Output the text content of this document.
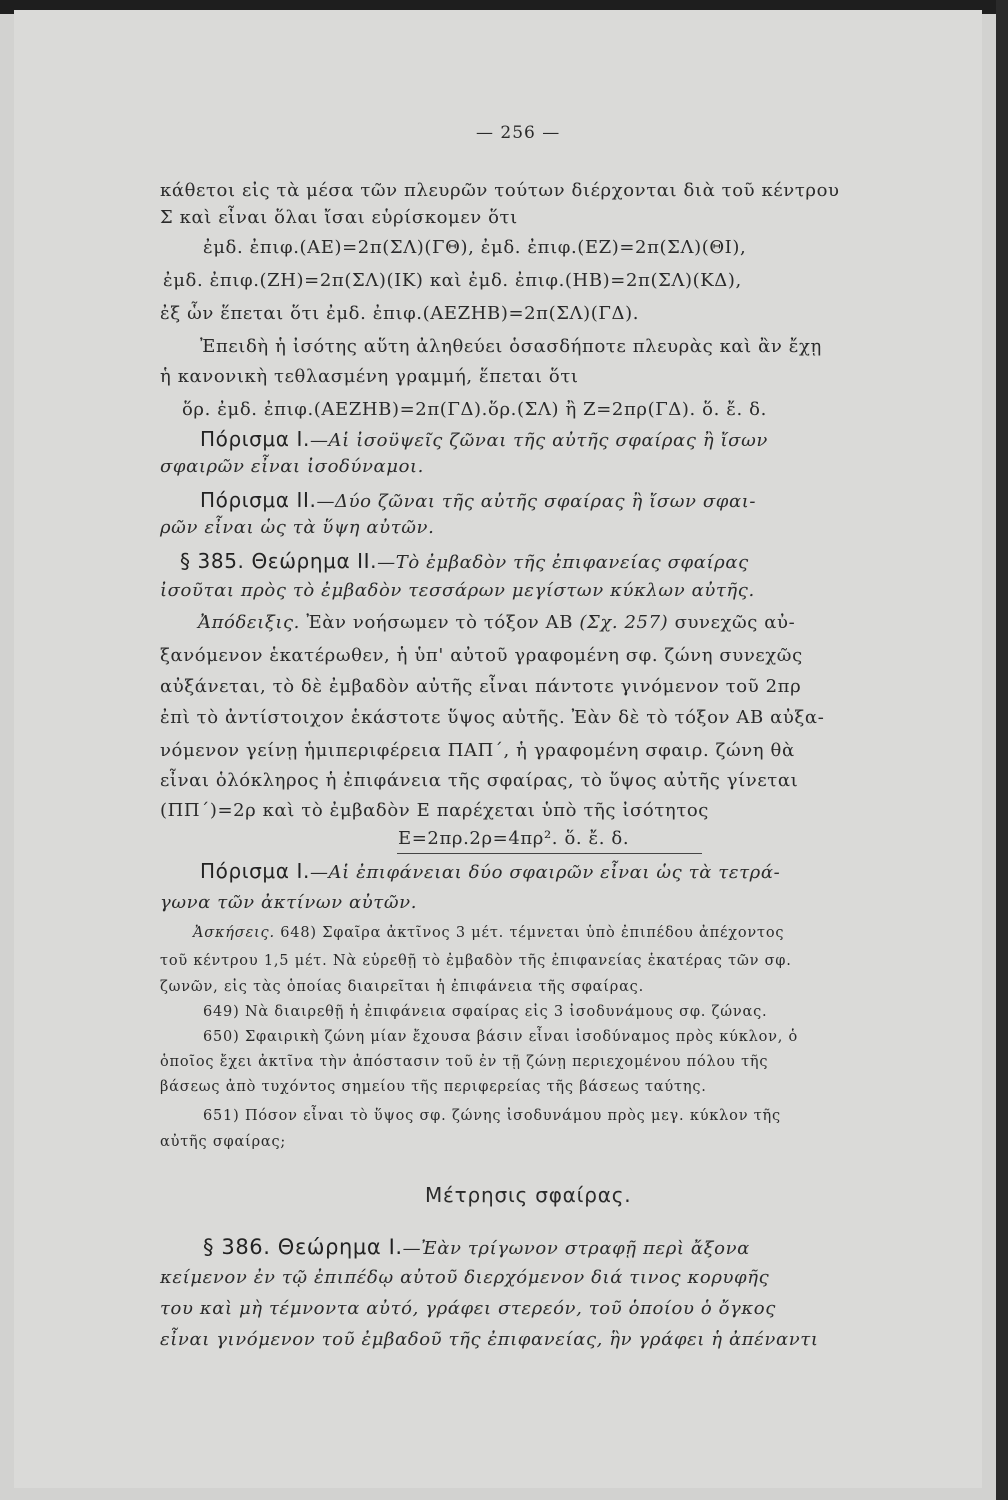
— 256 —
Μέτρησις σφαίρας.
κάθετοι εἰς τὰ μέσα τῶν πλευρῶν τούτων διέρχονται διὰ τοῦ κέντρου
Σ καὶ εἶναι ὅλαι ἴσαι εὑρίσκομεν ὅτι
ἐμδ. ἐπιφ.(ΑΕ)=2π(ΣΛ)(ΓΘ), ἐμδ. ἐπιφ.(ΕΖ)=2π(ΣΛ)(ΘΙ),
ἐμδ. ἐπιφ.(ΖΗ)=2π(ΣΛ)(ΙΚ) καὶ ἐμδ. ἐπιφ.(ΗΒ)=2π(ΣΛ)(ΚΔ),
ἐξ ὧν ἕπεται ὅτι ἐμδ. ἐπιφ.(ΑΕΖΗΒ)=2π(ΣΛ)(ΓΔ).
Ἐπειδὴ ἡ ἰσότης αὕτη ἀληθεύει ὁσασδήποτε πλευρὰς καὶ ἂν ἔχῃ
ἡ κανονικὴ τεθλασμένη γραμμή, ἕπεται ὅτι
ὅρ. ἐμδ. ἐπιφ.(ΑΕΖΗΒ)=2π(ΓΔ).ὅρ.(ΣΛ) ἢ Ζ=2πρ(ΓΔ). ὅ. ἔ. δ.
Πόρισμα Ι.—Αἱ ἰσοϋψεῖς ζῶναι τῆς αὐτῆς σφαίρας ἢ ἴσων
σφαιρῶν εἶναι ἰσοδύναμοι.
Πόρισμα ΙΙ.—Δύο ζῶναι τῆς αὐτῆς σφαίρας ἢ ἴσων σφαι-
ρῶν εἶναι ὡς τὰ ὕψη αὐτῶν.
§ 385. Θεώρημα ΙΙ.—Τὸ ἐμβαδὸν τῆς ἐπιφανείας σφαίρας
ἰσοῦται πρὸς τὸ ἐμβαδὸν τεσσάρων μεγίστων κύκλων αὐτῆς.
Ἀπόδειξις. Ἐὰν νοήσωμεν τὸ τόξον ΑΒ (Σχ. 257) συνεχῶς αὐ-
ξανόμενον ἑκατέρωθεν, ἡ ὑπ' αὐτοῦ γραφομένη σφ. ζώνη συνεχῶς
αὐξάνεται, τὸ δὲ ἐμβαδὸν αὐτῆς εἶναι πάντοτε γινόμενον τοῦ 2πρ
ἐπὶ τὸ ἀντίστοιχον ἑκάστοτε ὕψος αὐτῆς. Ἐὰν δὲ τὸ τόξον ΑΒ αὐξα-
νόμενον γείνῃ ἡμιπεριφέρεια ΠΑΠ΄, ἡ γραφομένη σφαιρ. ζώνη θὰ
εἶναι ὁλόκληρος ἡ ἐπιφάνεια τῆς σφαίρας, τὸ ὕψος αὐτῆς γίνεται
(ΠΠ΄)=2ρ καὶ τὸ ἐμβαδὸν Ε παρέχεται ὑπὸ τῆς ἰσότητος
Ε=2πρ.2ρ=4πρ². ὅ. ἔ. δ.
Πόρισμα Ι.—Αἱ ἐπιφάνειαι δύο σφαιρῶν εἶναι ὡς τὰ τετρά-
γωνα τῶν ἀκτίνων αὐτῶν.
Ἀσκήσεις. 648) Σφαῖρα ἀκτῖνος 3 μέτ. τέμνεται ὑπὸ ἐπιπέδου ἀπέχοντος
τοῦ κέντρου 1,5 μέτ. Νὰ εὑρεθῇ τὸ ἐμβαδὸν τῆς ἐπιφανείας ἑκατέρας τῶν σφ.
ζωνῶν, εἰς τὰς ὁποίας διαιρεῖται ἡ ἐπιφάνεια τῆς σφαίρας.
649) Νὰ διαιρεθῇ ἡ ἐπιφάνεια σφαίρας εἰς 3 ἰσοδυνάμους σφ. ζώνας.
650) Σφαιρικὴ ζώνη μίαν ἔχουσα βάσιν εἶναι ἰσοδύναμος πρὸς κύκλον, ὁ
ὁποῖος ἔχει ἀκτῖνα τὴν ἀπόστασιν τοῦ ἐν τῇ ζώνῃ περιεχομένου πόλου τῆς
βάσεως ἀπὸ τυχόντος σημείου τῆς περιφερείας τῆς βάσεως ταύτης.
651) Πόσον εἶναι τὸ ὕψος σφ. ζώνης ἰσοδυνάμου πρὸς μεγ. κύκλον τῆς
αὐτῆς σφαίρας;
§ 386. Θεώρημα Ι.—Ἐὰν τρίγωνον στραφῇ περὶ ἄξονα
κείμενον ἐν τῷ ἐπιπέδῳ αὐτοῦ διερχόμενον διά τινος κορυφῆς
του καὶ μὴ τέμνοντα αὐτό, γράφει στερεόν, τοῦ ὁποίου ὁ ὄγκος
εἶναι γινόμενον τοῦ ἐμβαδοῦ τῆς ἐπιφανείας, ἣν γράφει ἡ ἀπέναντι
